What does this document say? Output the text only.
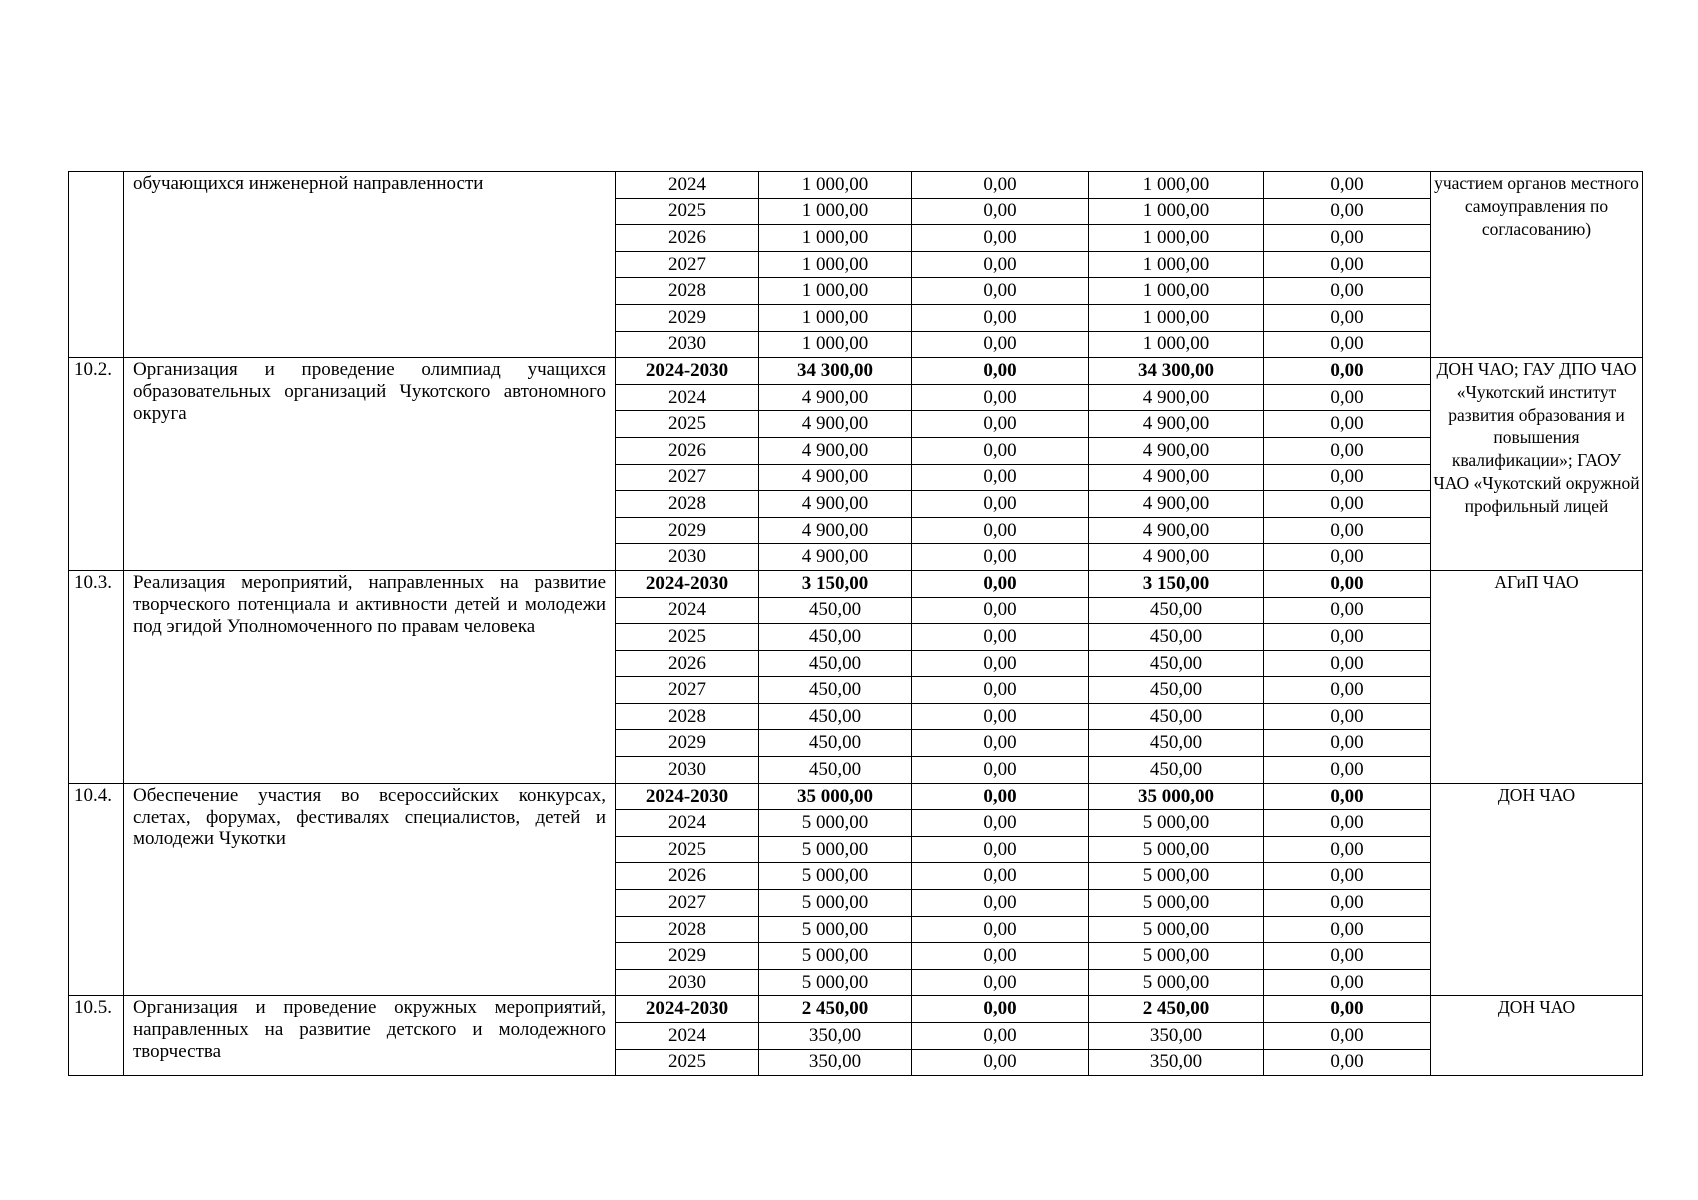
	обучающихся инженерной направленности	2024	1 000,00	0,00	1 000,00	0,00	участием органов местного самоуправления по согласованию)
		2025	1 000,00	0,00	1 000,00	0,00	
		2026	1 000,00	0,00	1 000,00	0,00	
		2027	1 000,00	0,00	1 000,00	0,00	
		2028	1 000,00	0,00	1 000,00	0,00	
		2029	1 000,00	0,00	1 000,00	0,00	
		2030	1 000,00	0,00	1 000,00	0,00	
10.2.	Организация и проведение олимпиад учащихся образовательных организаций Чукотского автономного округа	2024-2030	34 300,00	0,00	34 300,00	0,00	ДОН ЧАО; ГАУ ДПО ЧАО «Чукотский институт развития образования и повышения квалификации»; ГАОУ ЧАО «Чукотский окружной профильный лицей
		2024	4 900,00	0,00	4 900,00	0,00	
		2025	4 900,00	0,00	4 900,00	0,00	
		2026	4 900,00	0,00	4 900,00	0,00	
		2027	4 900,00	0,00	4 900,00	0,00	
		2028	4 900,00	0,00	4 900,00	0,00	
		2029	4 900,00	0,00	4 900,00	0,00	
		2030	4 900,00	0,00	4 900,00	0,00	
10.3.	Реализация мероприятий, направленных на развитие творческого потенциала и активности детей и молодежи под эгидой Уполномоченного по правам человека	2024-2030	3 150,00	0,00	3 150,00	0,00	АГиП ЧАО
		2024	450,00	0,00	450,00	0,00	
		2025	450,00	0,00	450,00	0,00	
		2026	450,00	0,00	450,00	0,00	
		2027	450,00	0,00	450,00	0,00	
		2028	450,00	0,00	450,00	0,00	
		2029	450,00	0,00	450,00	0,00	
		2030	450,00	0,00	450,00	0,00	
10.4.	Обеспечение участия во всероссийских конкурсах, слетах, форумах, фестивалях специалистов, детей и молодежи Чукотки	2024-2030	35 000,00	0,00	35 000,00	0,00	ДОН ЧАО
		2024	5 000,00	0,00	5 000,00	0,00	
		2025	5 000,00	0,00	5 000,00	0,00	
		2026	5 000,00	0,00	5 000,00	0,00	
		2027	5 000,00	0,00	5 000,00	0,00	
		2028	5 000,00	0,00	5 000,00	0,00	
		2029	5 000,00	0,00	5 000,00	0,00	
		2030	5 000,00	0,00	5 000,00	0,00	
10.5.	Организация и проведение окружных мероприятий, направленных на развитие детского и молодежного творчества	2024-2030	2 450,00	0,00	2 450,00	0,00	ДОН ЧАО
		2024	350,00	0,00	350,00	0,00	
		2025	350,00	0,00	350,00	0,00	
